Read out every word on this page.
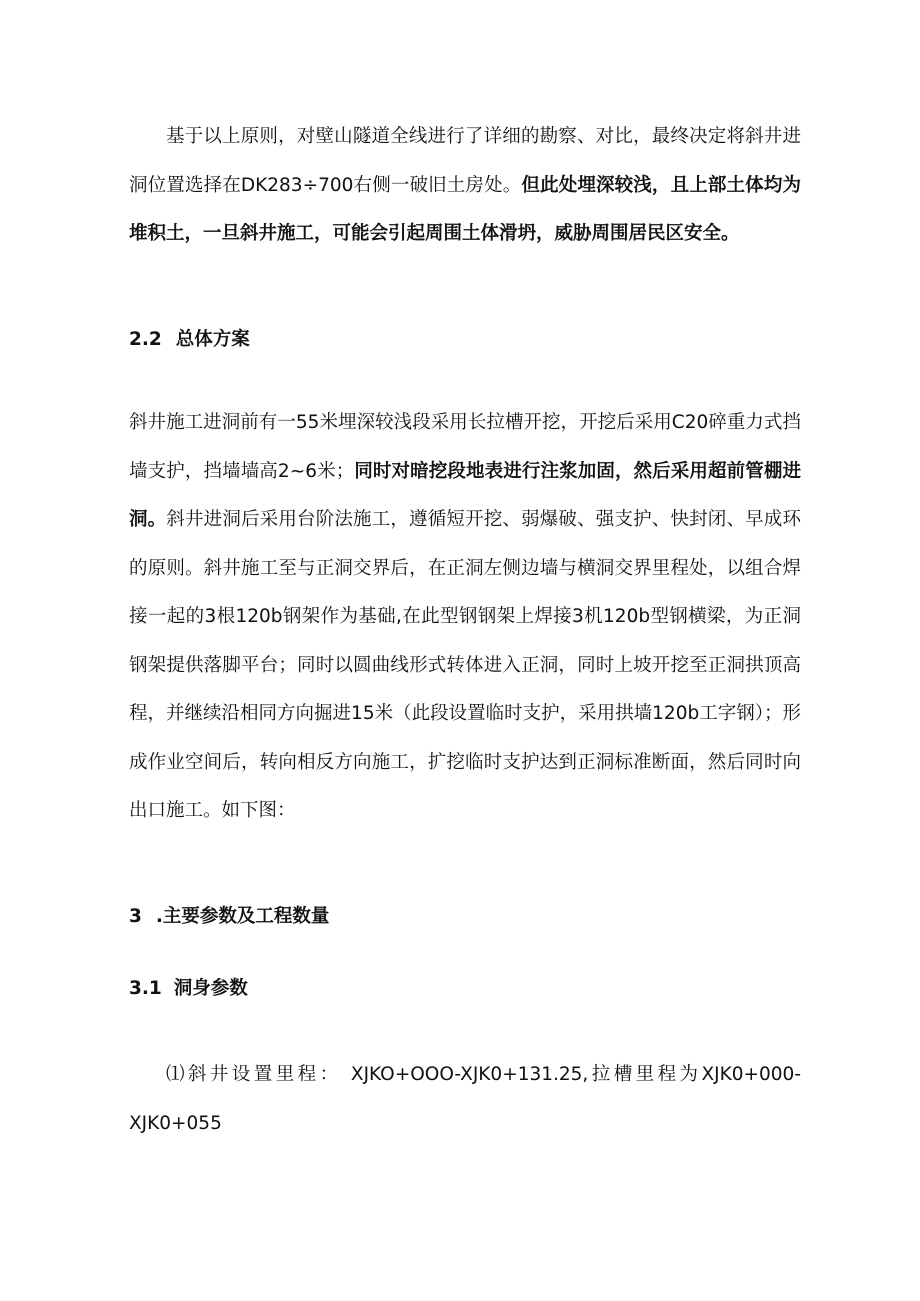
基于以上原则，对壁山隧道全线进行了详细的勘察、对比，最终决定将斜井进洞位置选择在DK283÷700右侧一破旧土房处。但此处埋深较浅，且上部土体均为堆积土，一旦斜井施工，可能会引起周围土体滑坍，威胁周围居民区安全。

2.2 总体方案

斜井施工进洞前有一55米埋深较浅段采用长拉槽开挖，开挖后采用C20碎重力式挡墙支护，挡墙墙高2~6米；同时对暗挖段地表进行注浆加固，然后采用超前管棚进洞。斜井进洞后采用台阶法施工，遵循短开挖、弱爆破、强支护、快封闭、早成环的原则。斜井施工至与正洞交界后，在正洞左侧边墙与横洞交界里程处，以组合焊接一起的3根120b钢架作为基础,在此型钢钢架上焊接3机120b型钢横梁，为正洞钢架提供落脚平台；同时以圆曲线形式转体进入正洞，同时上坡开挖至正洞拱顶高程，并继续沿相同方向掘进15米（此段设置临时支护，采用拱墙120b工字钢）；形成作业空间后，转向相反方向施工，扩挖临时支护达到正洞标准断面，然后同时向出口施工。如下图：

3 .主要参数及工程数量
3.1 洞身参数

⑴斜井设置里程： XJKO+OOO-XJK0+131.25,拉槽里程为XJK0+000-XJK0+055
